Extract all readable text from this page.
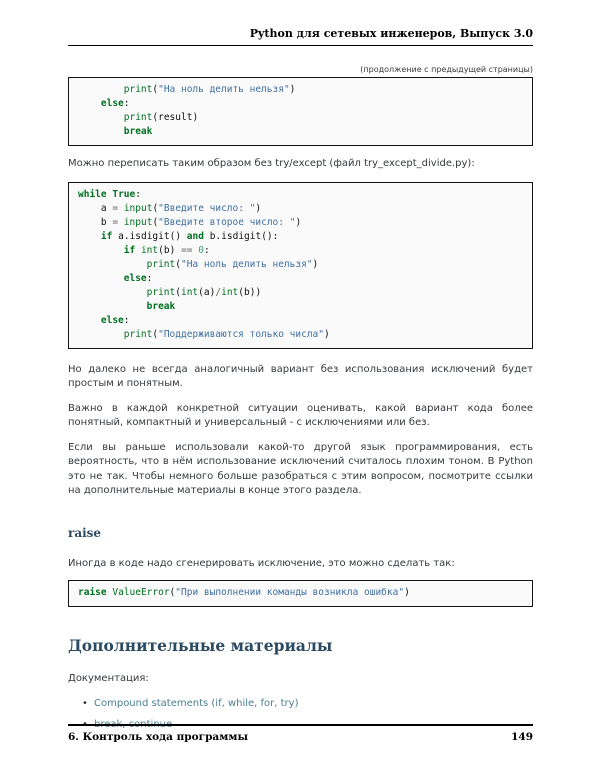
Python для сетевых инженеров, Выпуск 3.0
(продолжение с предыдущей страницы)
print("На ноль делить нельзя")
else:
print(result)
break

Можно переписать таким образом без try/except (файл try_except_divide.py):

while True:
a = input("Введите число: ")
b = input("Введите второе число: ")
if a.isdigit() and b.isdigit():
if int(b) == 0:
print("На ноль делить нельзя")
else:
print(int(a)/int(b))
break
else:
print("Поддерживаются только числа")

Но далеко не всегда аналогичный вариант без использования исключений будет простым и понятным.

Важно в каждой конкретной ситуации оценивать, какой вариант кода более понятный, компактный и универсальный - с исключениями или без.

Если вы раньше использовали какой-то другой язык программирования, есть вероятность, что в нём использование исключений считалось плохим тоном. В Python это не так. Чтобы немного больше разобраться с этим вопросом, посмотрите ссылки на дополнительные материалы в конце этого раздела.

raise

Иногда в коде надо сгенерировать исключение, это можно сделать так:

raise ValueError("При выполнении команды возникла ошибка")
Дополнительные материалы

Документация:

• Compound statements (if, while, for, try)
• break, continue
6. Контроль хода программы	149
